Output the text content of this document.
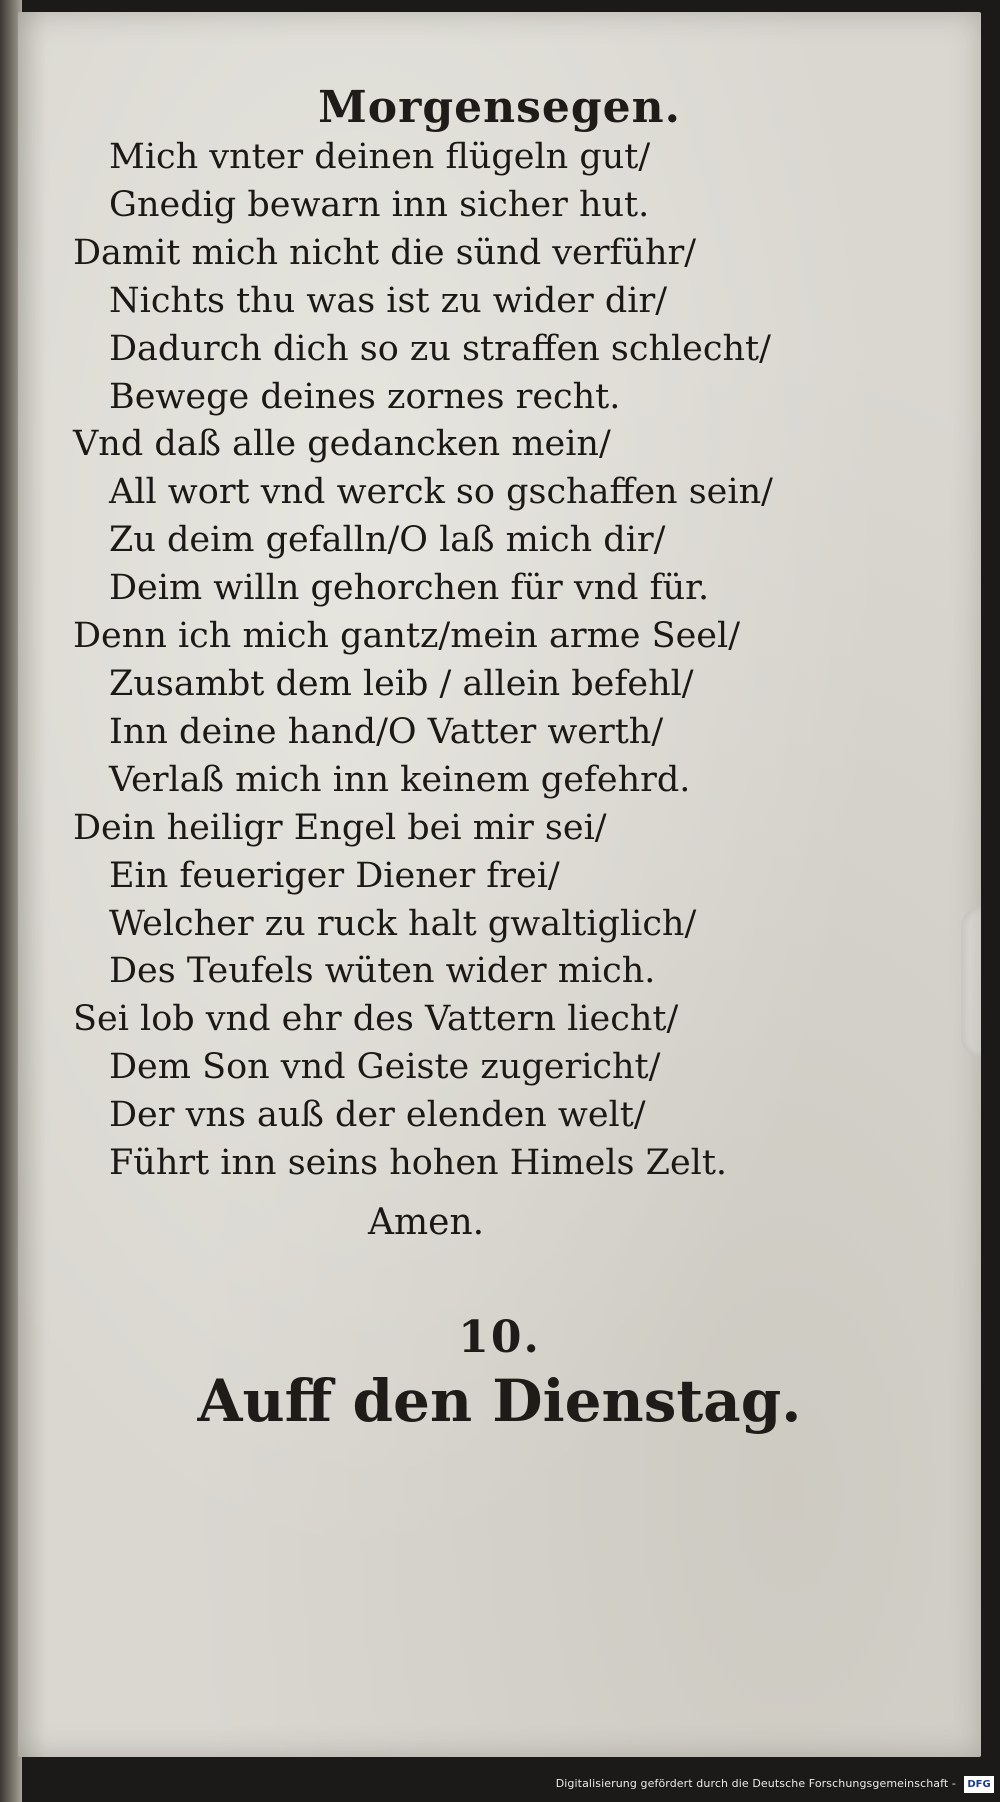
Morgensegen.
Mich vnter deinen flügeln gut/
Gnedig bewarn inn sicher hut.
Damit mich nicht die sünd verführ/
Nichts thu was ist zu wider dir/
Dadurch dich so zu straffen schlecht/
Bewege deines zornes recht.
Vnd daß alle gedancken mein/
All wort vnd werck so gschaffen sein/
Zu deim gefalln/O laß mich dir/
Deim willn gehorchen für vnd für.
Denn ich mich gantz/mein arme Seel/
Zusambt dem leib / allein befehl/
Inn deine hand/O Vatter werth/
Verlaß mich inn keinem gefehrd.
Dein heiligr Engel bei mir sei/
Ein feueriger Diener frei/
Welcher zu ruck halt gwaltiglich/
Des Teufels wüten wider mich.
Sei lob vnd ehr des Vattern liecht/
Dem Son vnd Geiste zugericht/
Der vns auß der elenden welt/
Führt inn seins hohen Himels Zelt.
Amen.
10.
Auff den Dienstag.
Digitalisierung gefördert durch die Deutsche Forschungsgemeinschaft -	DFG
